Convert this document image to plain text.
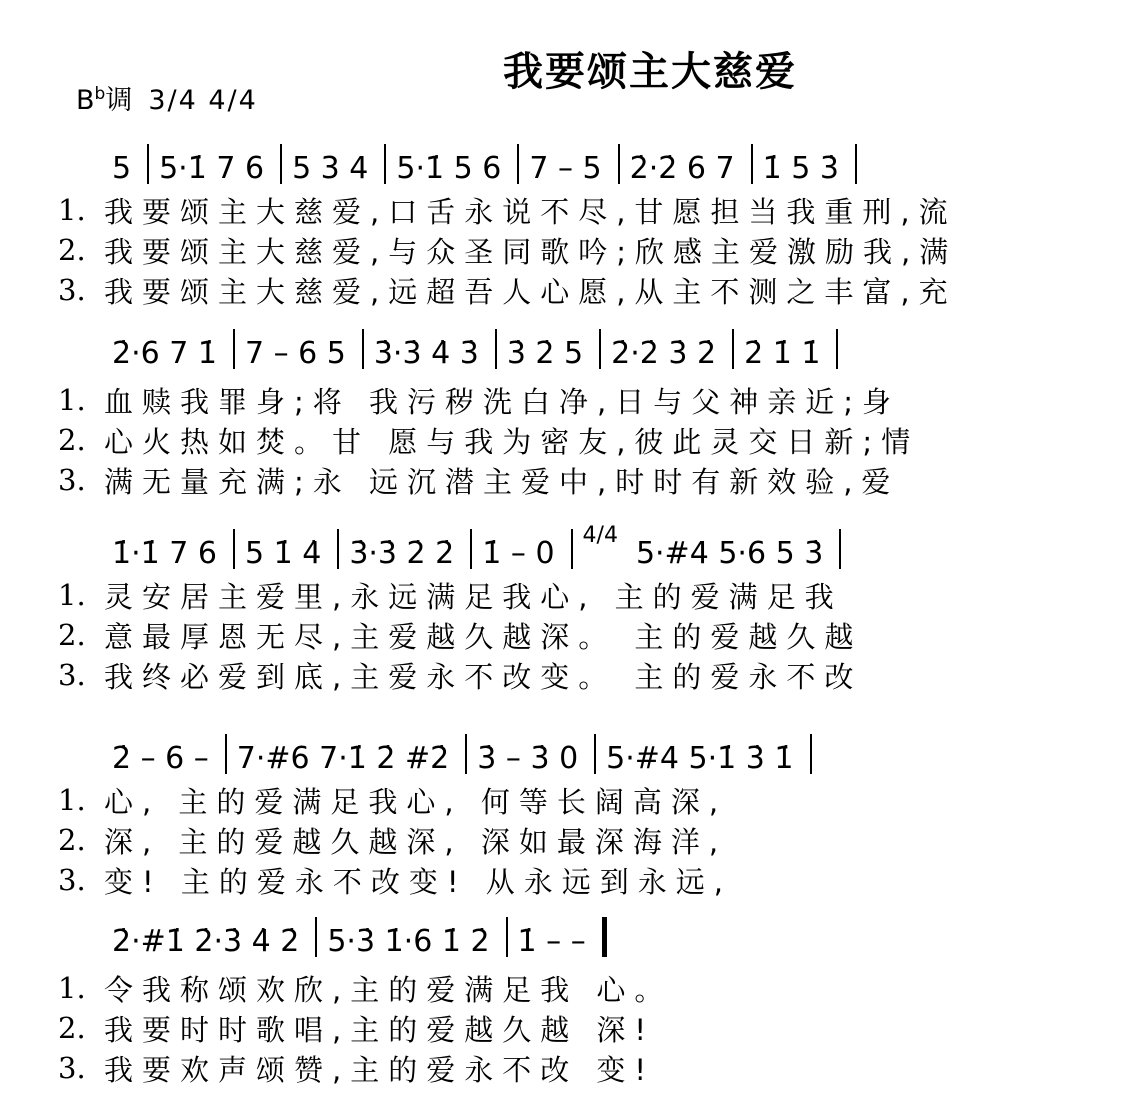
我要颂主大慈爱
$B^b$调 3/4 4/4
5 5·1̇ 7 6 5 3 4 5·1̇ 5 6 7 – 5 2̇·2̇ 6 7 1̇ 5 3̇
1. 我要颂主大慈爱,口舌永说不尽,甘愿担当我重刑,流
2. 我要颂主大慈爱,与众圣同歌吟;欣感主爱激励我,满
3. 我要颂主大慈爱,远超吾人心愿,从主不测之丰富,充
2̇·6 7 1̇ 7 – 6 5 3̇·3̇ 4̇ 3̇ 3̇ 2̇ 5 2̇·2̇ 3̇ 2̇ 2̇ 1̇ 1̇
1. 血赎我罪身;将 我污秽洗白净,日与父神亲近;身
2. 心火热如焚。甘 愿与我为密友,彼此灵交日新;情
3. 满无量充满;永 远沉潜主爱中,时时有新效验,爱
1̇·1̇ 7 6 5 1̇ 4̇ 3̇·3̇ 2̇ 2̇ 1̇ – 0
4/4
5·#4 5·6 5 3̇
1. 灵安居主爱里,永远满足我心, 主的爱满足我
2. 意最厚恩无尽,主爱越久越深。 主的爱越久越
3. 我终必爱到底,主爱永不改变。 主的爱永不改
2̇ – 6 – 7·#6 7·1̇ 2̇ #2̇ 3̇ – 3̇ 0 5·#4 5·1̇ 3̇ 1̇
1. 心, 主的爱满足我心, 何等长阔高深,
2. 深, 主的爱越久越深, 深如最深海洋,
3. 变! 主的爱永不改变! 从永远到永远,
2̇·#1̇ 2̇·3̇ 4̇ 2̇ 5·3̇ 1̇·6 1̇ 2̇ 1̇ – –
1. 令我称颂欢欣,主的爱满足我 心。
2. 我要时时歌唱,主的爱越久越 深!
3. 我要欢声颂赞,主的爱永不改 变!
